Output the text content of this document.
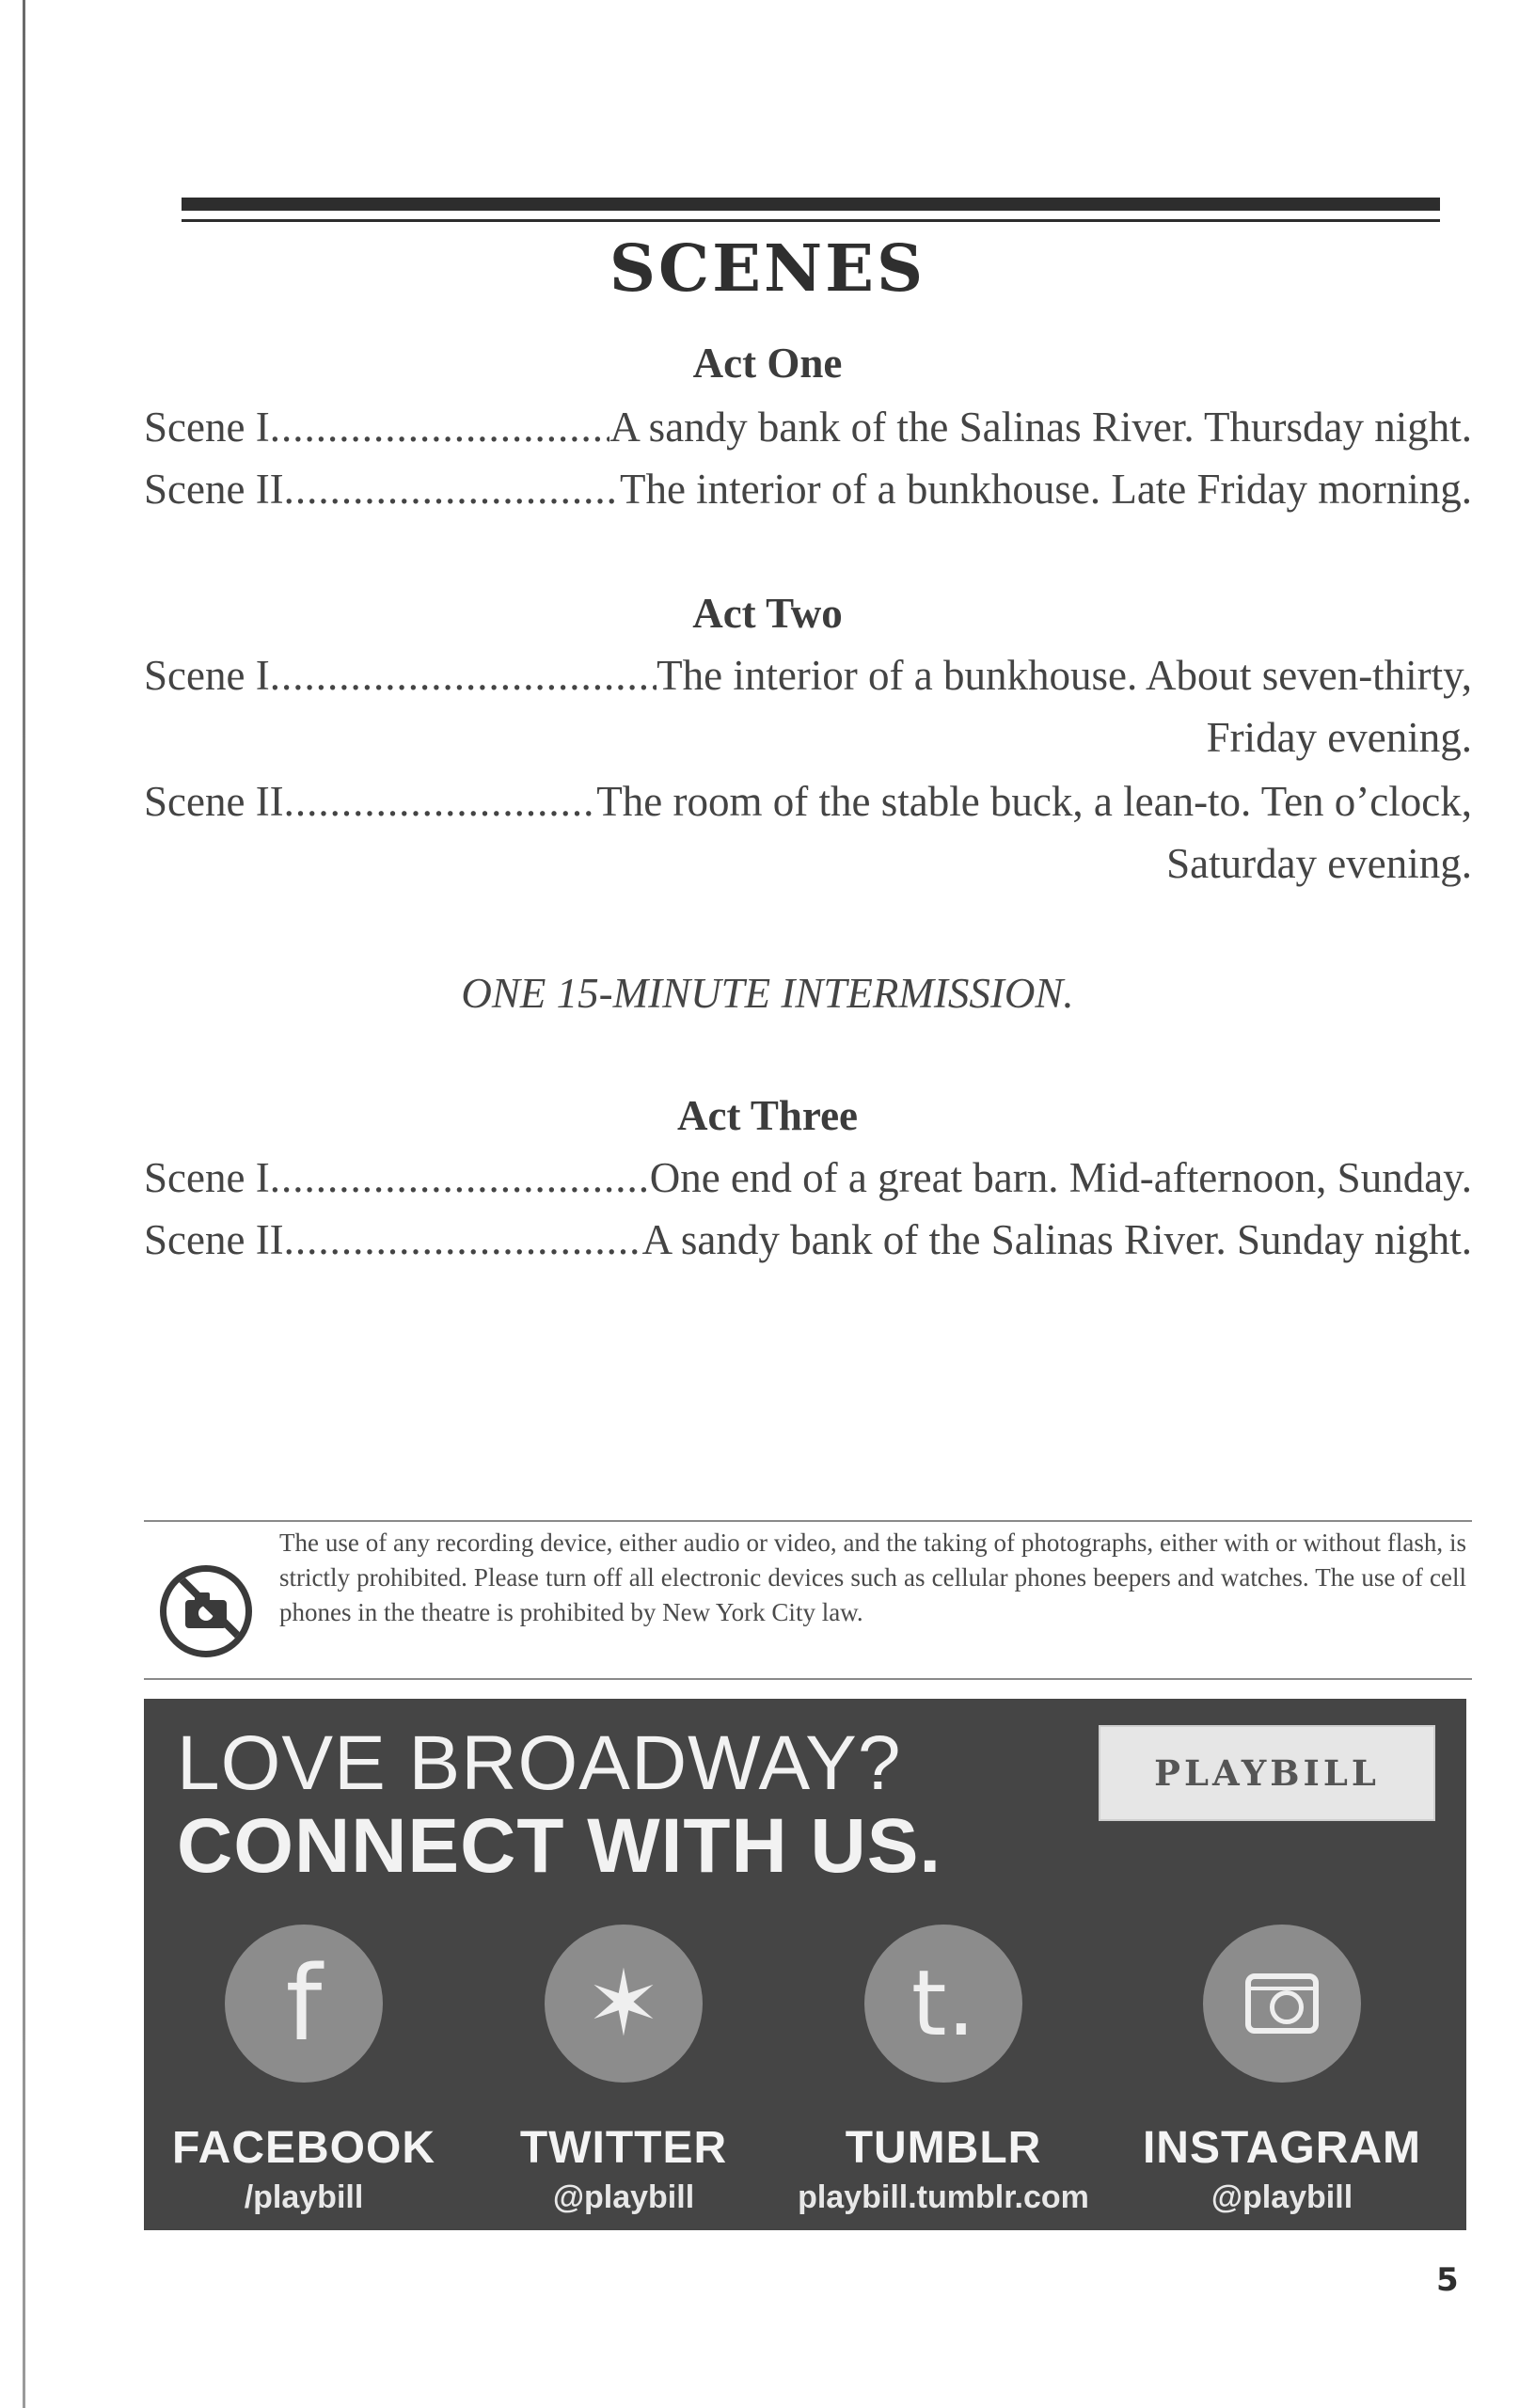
SCENES
Act One
Scene I .....	A sandy bank of the Salinas River. Thursday night.
Scene II .....	The interior of a bunkhouse. Late Friday morning.
Act Two
Scene I .....	The interior of a bunkhouse. About seven-thirty,
Friday evening.
Scene II .....	The room of the stable buck, a lean-to. Ten o’clock,
Saturday evening.
ONE 15-MINUTE INTERMISSION.
Act Three
Scene I .....	One end of a great barn. Mid-afternoon, Sunday.
Scene II .....	A sandy bank of the Salinas River. Sunday night.
The use of any recording device, either audio or video, and the taking of photographs, either with or without flash, is strictly prohibited. Please turn off all electronic devices such as cellular phones beepers and watches. The use of cell phones in the theatre is prohibited by New York City law.
LOVE BROADWAY?
CONNECT WITH US.
PLAYBILL
f
FACEBOOK
/playbill
✶
TWITTER
@playbill
t.
TUMBLR
playbill.tumblr.com
INSTAGRAM
@playbill
5
